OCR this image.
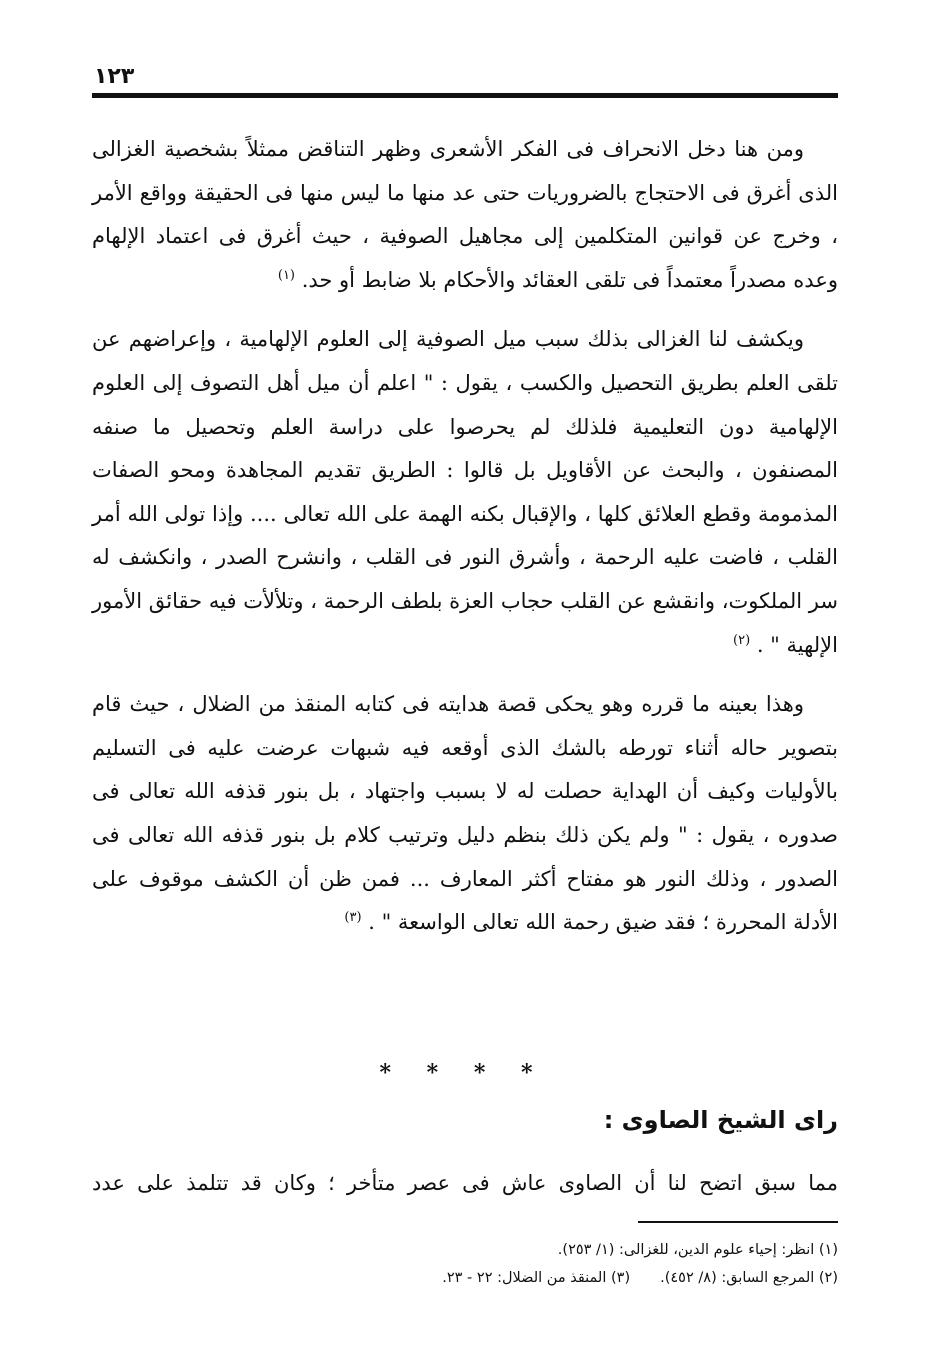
١٢٣

ومن هنا دخل الانحراف فى الفكر الأشعرى وظهر التناقض ممثلاً بشخصية الغزالى الذى أغرق فى الاحتجاج بالضروريات حتى عد منها ما ليس منها فى الحقيقة وواقع الأمر ، وخرج عن قوانين المتكلمين إلى مجاهيل الصوفية ، حيث أغرق فى اعتماد الإلهام وعده مصدراً معتمداً فى تلقى العقائد والأحكام بلا ضابط أو حد. $^{(١)}$

ويكشف لنا الغزالى بذلك سبب ميل الصوفية إلى العلوم الإلهامية ، وإعراضهم عن تلقى العلم بطريق التحصيل والكسب ، يقول : " اعلم أن ميل أهل التصوف إلى العلوم الإلهامية دون التعليمية فلذلك لم يحرصوا على دراسة العلم وتحصيل ما صنفه المصنفون ، والبحث عن الأقاويل بل قالوا : الطريق تقديم المجاهدة ومحو الصفات المذمومة وقطع العلائق كلها ، والإقبال بكنه الهمة على الله تعالى .... وإذا تولى الله أمر القلب ، فاضت عليه الرحمة ، وأشرق النور فى القلب ، وانشرح الصدر ، وانكشف له سر الملكوت، وانقشع عن القلب حجاب العزة بلطف الرحمة ، وتلألأت فيه حقائق الأمور الإلهية " . $^{(٢)}$

وهذا بعينه ما قرره وهو يحكى قصة هدايته فى كتابه المنقذ من الضلال ، حيث قام بتصوير حاله أثناء تورطه بالشك الذى أوقعه فيه شبهات عرضت عليه فى التسليم بالأوليات وكيف أن الهداية حصلت له لا بسبب واجتهاد ، بل بنور قذفه الله تعالى فى صدوره ، يقول : " ولم يكن ذلك بنظم دليل وترتيب كلام بل بنور قذفه الله تعالى فى الصدور ، وذلك النور هو مفتاح أكثر المعارف ... فمن ظن أن الكشف موقوف على الأدلة المحررة ؛ فقد ضيق رحمة الله تعالى الواسعة " . $^{(٣)}$

* * * *
راى الشيخ الصاوى :
مما سبق اتضح لنا أن الصاوى عاش فى عصر متأخر ؛ وكان قد تتلمذ على عدد
(١) انظر: إحياء علوم الدين، للغزالى: (١/ ٢٥٣).
(٢) المرجع السابق: (٨/ ٤٥٢).(٣) المنقذ من الضلال: ٢٢ - ٢٣.
